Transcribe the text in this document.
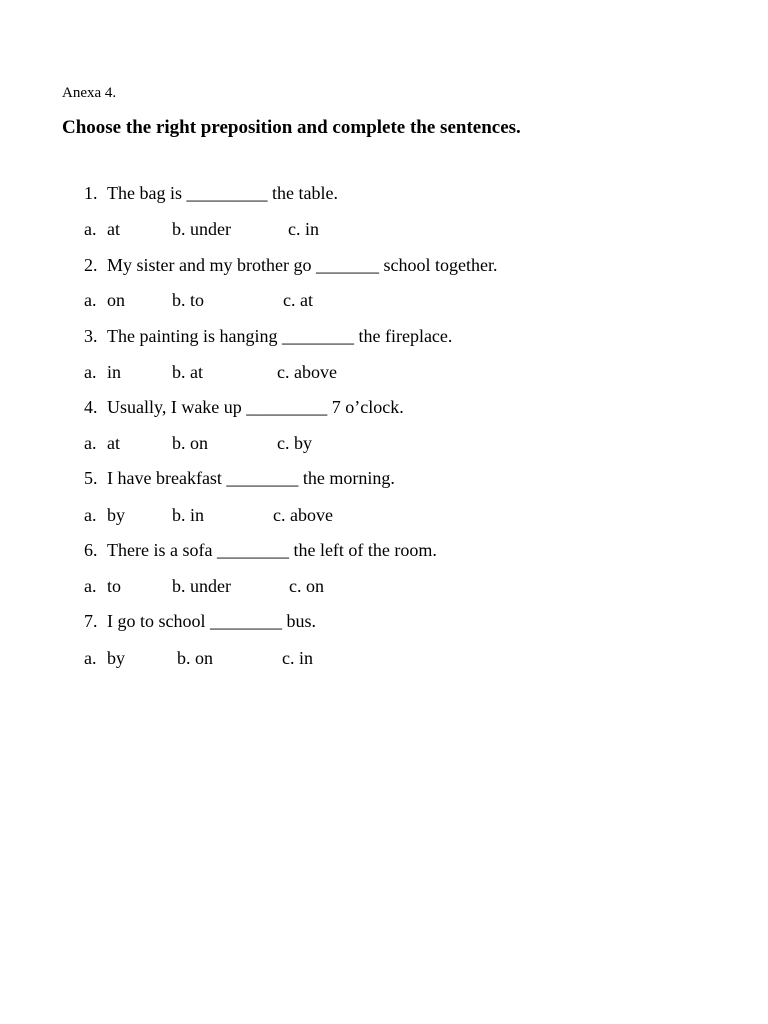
Anexa 4.
Choose the right preposition and complete the sentences.
1. The bag is _________ the table.
a. at	b. under	c. in
2. My sister and my brother go _______ school together.
a. on	b. to	c. at
3. The painting is hanging ________ the fireplace.
a. in	b. at	c. above
4. Usually, I wake up _________ 7 o’clock.
a. at	b. on	c. by
5. I have breakfast ________ the morning.
a. by	b. in	c. above
6. There is a sofa ________ the left of the room.
a. to	b. under	c. on
7. I go to school ________ bus.
a. by	b. on	c. in
